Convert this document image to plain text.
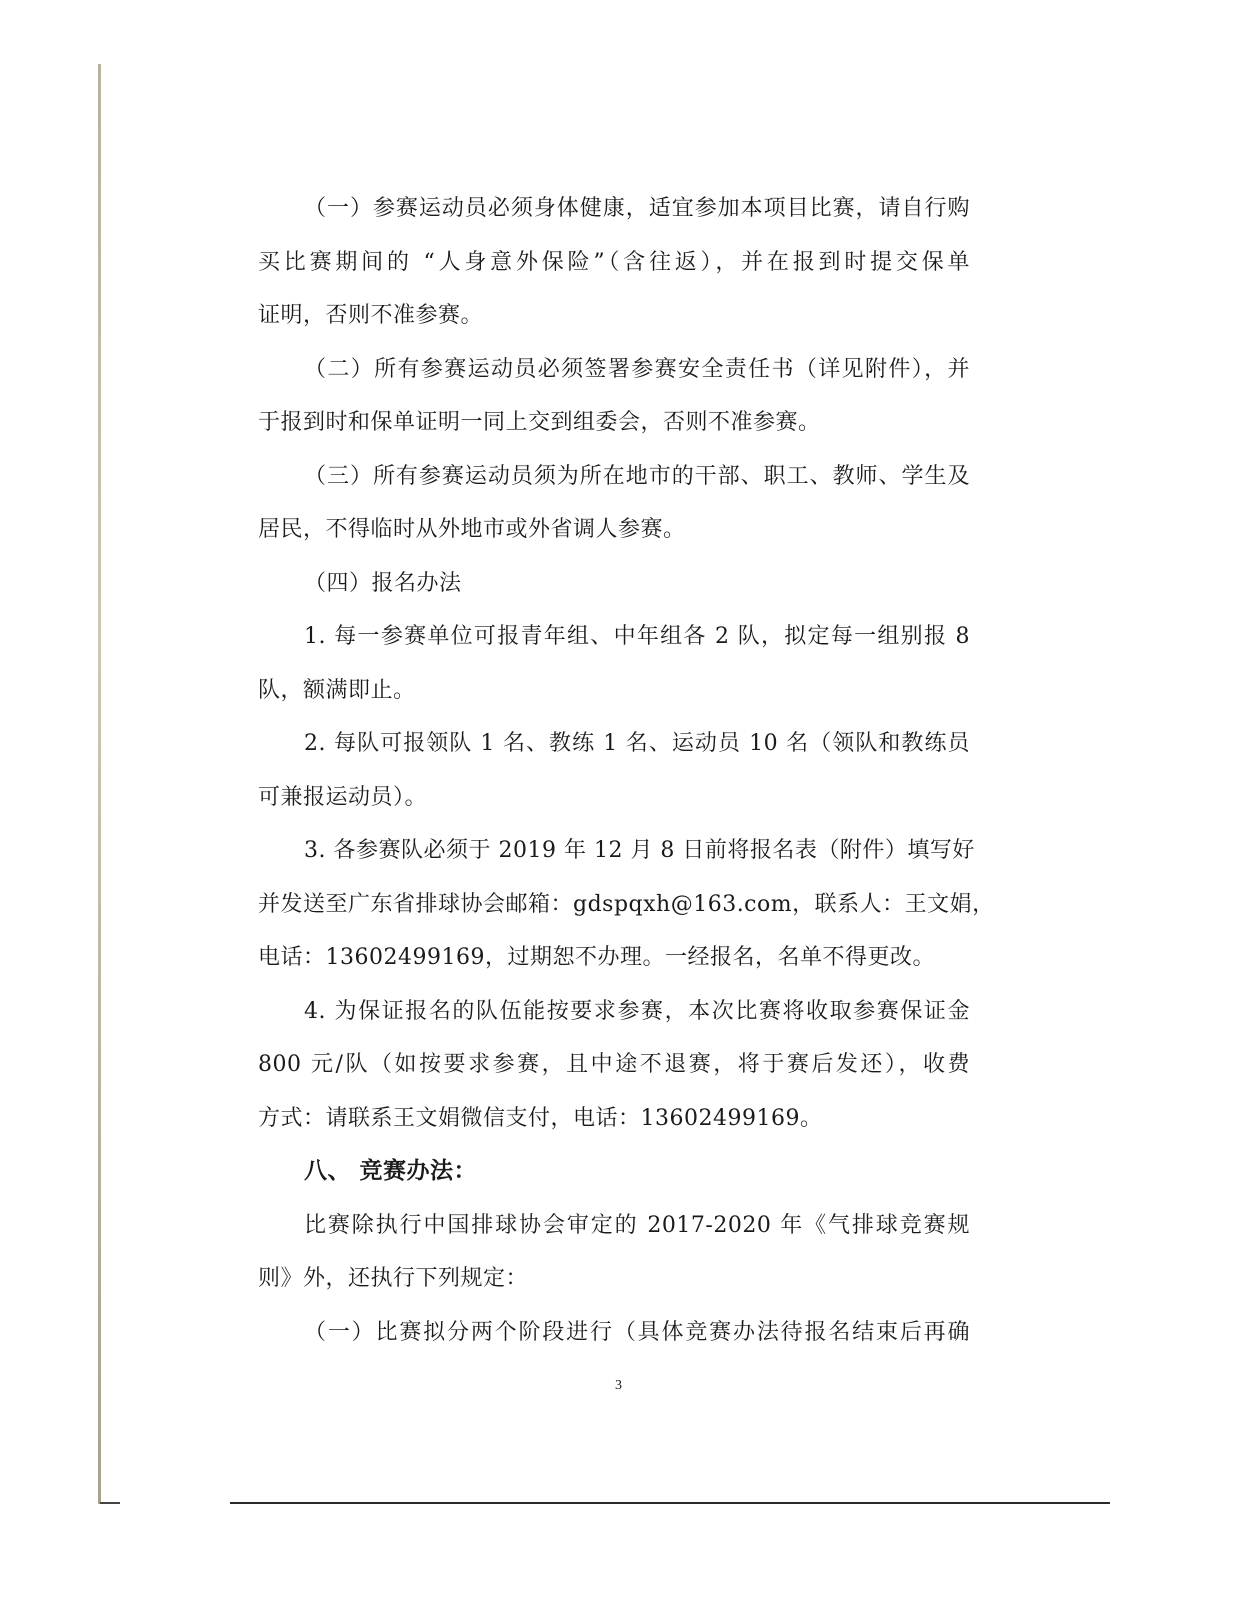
（一）参赛运动员必须身体健康，适宜参加本项目比赛，请自行购
买比赛期间的 “人身意外保险”（含往返），并在报到时提交保单
证明，否则不准参赛。
（二）所有参赛运动员必须签署参赛安全责任书（详见附件），并
于报到时和保单证明一同上交到组委会，否则不准参赛。
（三）所有参赛运动员须为所在地市的干部、职工、教师、学生及
居民，不得临时从外地市或外省调人参赛。
（四）报名办法
1. 每一参赛单位可报青年组、中年组各 2 队，拟定每一组别报 8
队，额满即止。
2. 每队可报领队 1 名、教练 1 名、运动员 10 名（领队和教练员
可兼报运动员）。
3. 各参赛队必须于 2019 年 12 月 8 日前将报名表（附件）填写好
并发送至广东省排球协会邮箱：gdspqxh@163.com，联系人：王文娟，
电话：13602499169，过期恕不办理。一经报名，名单不得更改。
4. 为保证报名的队伍能按要求参赛，本次比赛将收取参赛保证金
800 元/队（如按要求参赛，且中途不退赛，将于赛后发还），收费
方式：请联系王文娟微信支付，电话：13602499169。
八、 竞赛办法：
比赛除执行中国排球协会审定的 2017-2020 年《气排球竞赛规
则》外，还执行下列规定：
（一）比赛拟分两个阶段进行（具体竞赛办法待报名结束后再确
3
